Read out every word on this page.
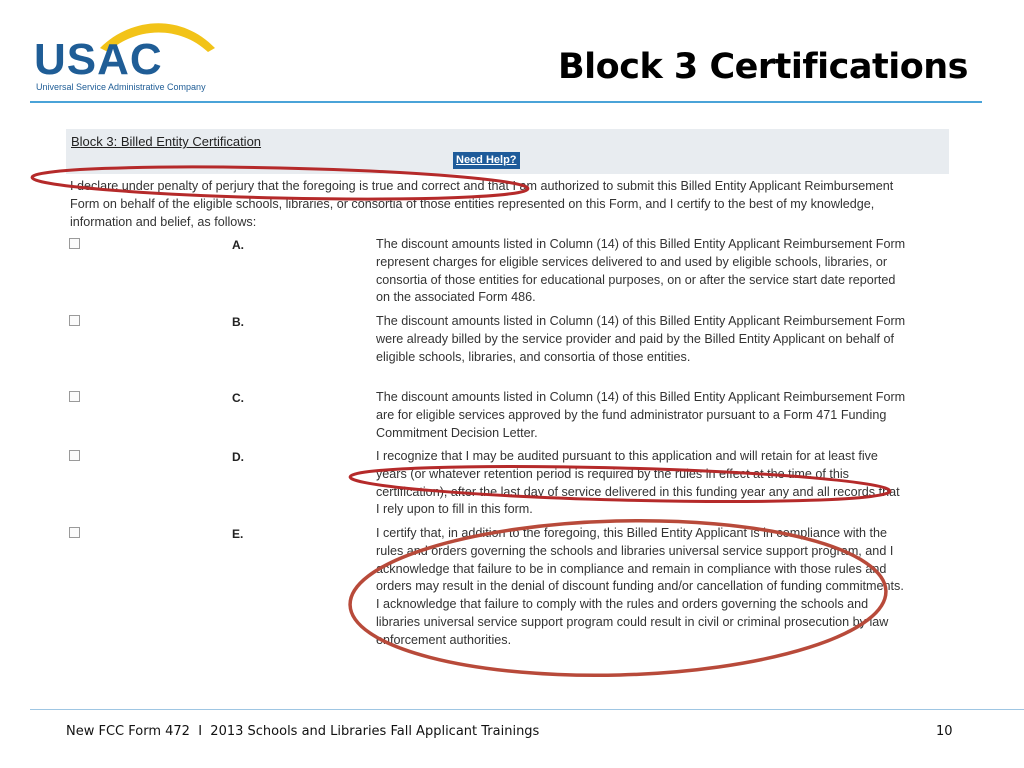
USAC
Universal Service Administrative Company	Block 3 Certifications
Block 3: Billed Entity Certification
Need Help?
I declare under penalty of perjury that the foregoing is true and correct and that I am authorized to submit this Billed Entity Applicant Reimbursement Form on behalf of the eligible schools, libraries, or consortia of those entities represented on this Form, and I certify to the best of my knowledge, information and belief, as follows:
A.	The discount amounts listed in Column (14) of this Billed Entity Applicant Reimbursement Form represent charges for eligible services delivered to and used by eligible schools, libraries, or consortia of those entities for educational purposes, on or after the service start date reported on the associated Form 486.
B.	The discount amounts listed in Column (14) of this Billed Entity Applicant Reimbursement Form were already billed by the service provider and paid by the Billed Entity Applicant on behalf of eligible schools, libraries, and consortia of those entities.
C.	The discount amounts listed in Column (14) of this Billed Entity Applicant Reimbursement Form are for eligible services approved by the fund administrator pursuant to a Form 471 Funding Commitment Decision Letter.
D.	I recognize that I may be audited pursuant to this application and will retain for at least five years (or whatever retention period is required by the rules in effect at the time of this certification), after the last day of service delivered in this funding year any and all records that I rely upon to fill in this form.
E.	I certify that, in addition to the foregoing, this Billed Entity Applicant is in compliance with the rules and orders governing the schools and libraries universal service support program, and I acknowledge that failure to be in compliance and remain in compliance with those rules and orders may result in the denial of discount funding and/or cancellation of funding commitments. I acknowledge that failure to comply with the rules and orders governing the schools and libraries universal service support program could result in civil or criminal prosecution by law enforcement authorities.
New FCC Form 472  I  2013 Schools and Libraries Fall Applicant Trainings	10
